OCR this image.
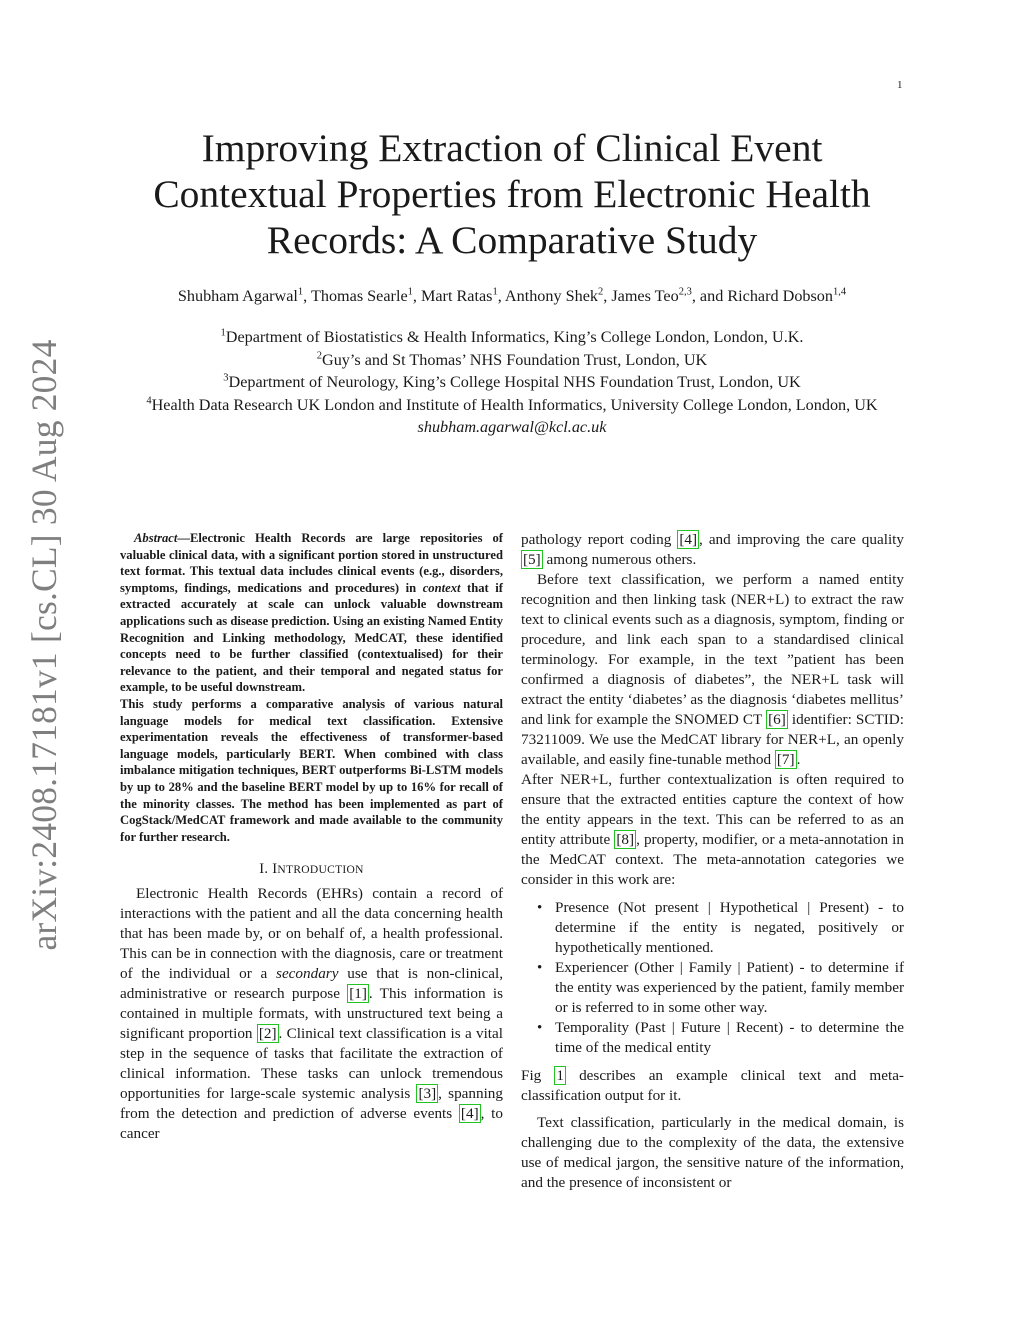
1
arXiv:2408.17181v1 [cs.CL] 30 Aug 2024
Improving Extraction of Clinical Event Contextual Properties from Electronic Health Records: A Comparative Study

Shubham Agarwal$^1$, Thomas Searle$^1$, Mart Ratas$^1$, Anthony Shek$^2$, James Teo$^{2,3}$, and Richard Dobson$^{1,4}$

$^1$Department of Biostatistics & Health Informatics, King’s College London, London, U.K.
$^2$Guy’s and St Thomas’ NHS Foundation Trust, London, UK
$^3$Department of Neurology, King’s College Hospital NHS Foundation Trust, London, UK
$^4$Health Data Research UK London and Institute of Health Informatics, University College London, London, UK
shubham.agarwal@kcl.ac.uk

Abstract—Electronic Health Records are large repositories of valuable clinical data, with a significant portion stored in unstructured text format. This textual data includes clinical events (e.g., disorders, symptoms, findings, medications and procedures) in context that if extracted accurately at scale can unlock valuable downstream applications such as disease prediction. Using an existing Named Entity Recognition and Linking methodology, MedCAT, these identified concepts need to be further classified (contextualised) for their relevance to the patient, and their temporal and negated status for example, to be useful downstream.

This study performs a comparative analysis of various natural language models for medical text classification. Extensive experimentation reveals the effectiveness of transformer-based language models, particularly BERT. When combined with class imbalance mitigation techniques, BERT outperforms Bi-LSTM models by up to 28% and the baseline BERT model by up to 16% for recall of the minority classes. The method has been implemented as part of CogStack/MedCAT framework and made available to the community for further research.

I. INTRODUCTION

Electronic Health Records (EHRs) contain a record of interactions with the patient and all the data concerning health that has been made by, or on behalf of, a health professional. This can be in connection with the diagnosis, care or treatment of the individual or a secondary use that is non-clinical, administrative or research purpose [1] . This information is contained in multiple formats, with unstructured text being a significant proportion [2] . Clinical text classification is a vital step in the sequence of tasks that facilitate the extraction of clinical information. These tasks can unlock tremendous opportunities for large-scale systemic analysis [3] , spanning from the detection and prediction of adverse events [4] , to cancer

pathology report coding [4] , and improving the care quality [5] among numerous others.

Before text classification, we perform a named entity recognition and then linking task (NER+L) to extract the raw text to clinical events such as a diagnosis, symptom, finding or procedure, and link each span to a standardised clinical terminology. For example, in the text ”patient has been confirmed a diagnosis of diabetes”, the NER+L task will extract the entity ‘diabetes’ as the diagnosis ‘diabetes mellitus’ and link for example the SNOMED CT [6] identifier: SCTID: 73211009. We use the MedCAT library for NER+L, an openly available, and easily fine-tunable method [7] .

After NER+L, further contextualization is often required to ensure that the extracted entities capture the context of how the entity appears in the text. This can be referred to as an entity attribute [8] , property, modifier, or a meta-annotation in the MedCAT context. The meta-annotation categories we consider in this work are:

• Presence (Not present | Hypothetical | Present) - to determine if the entity is negated, positively or hypothetically mentioned.
• Experiencer (Other | Family | Patient) - to determine if the entity was experienced by the patient, family member or is referred to in some other way.
• Temporality (Past | Future | Recent) - to determine the time of the medical entity

Fig 1 describes an example clinical text and meta-classification output for it.

Text classification, particularly in the medical domain, is challenging due to the complexity of the data, the extensive use of medical jargon, the sensitive nature of the information, and the presence of inconsistent or
